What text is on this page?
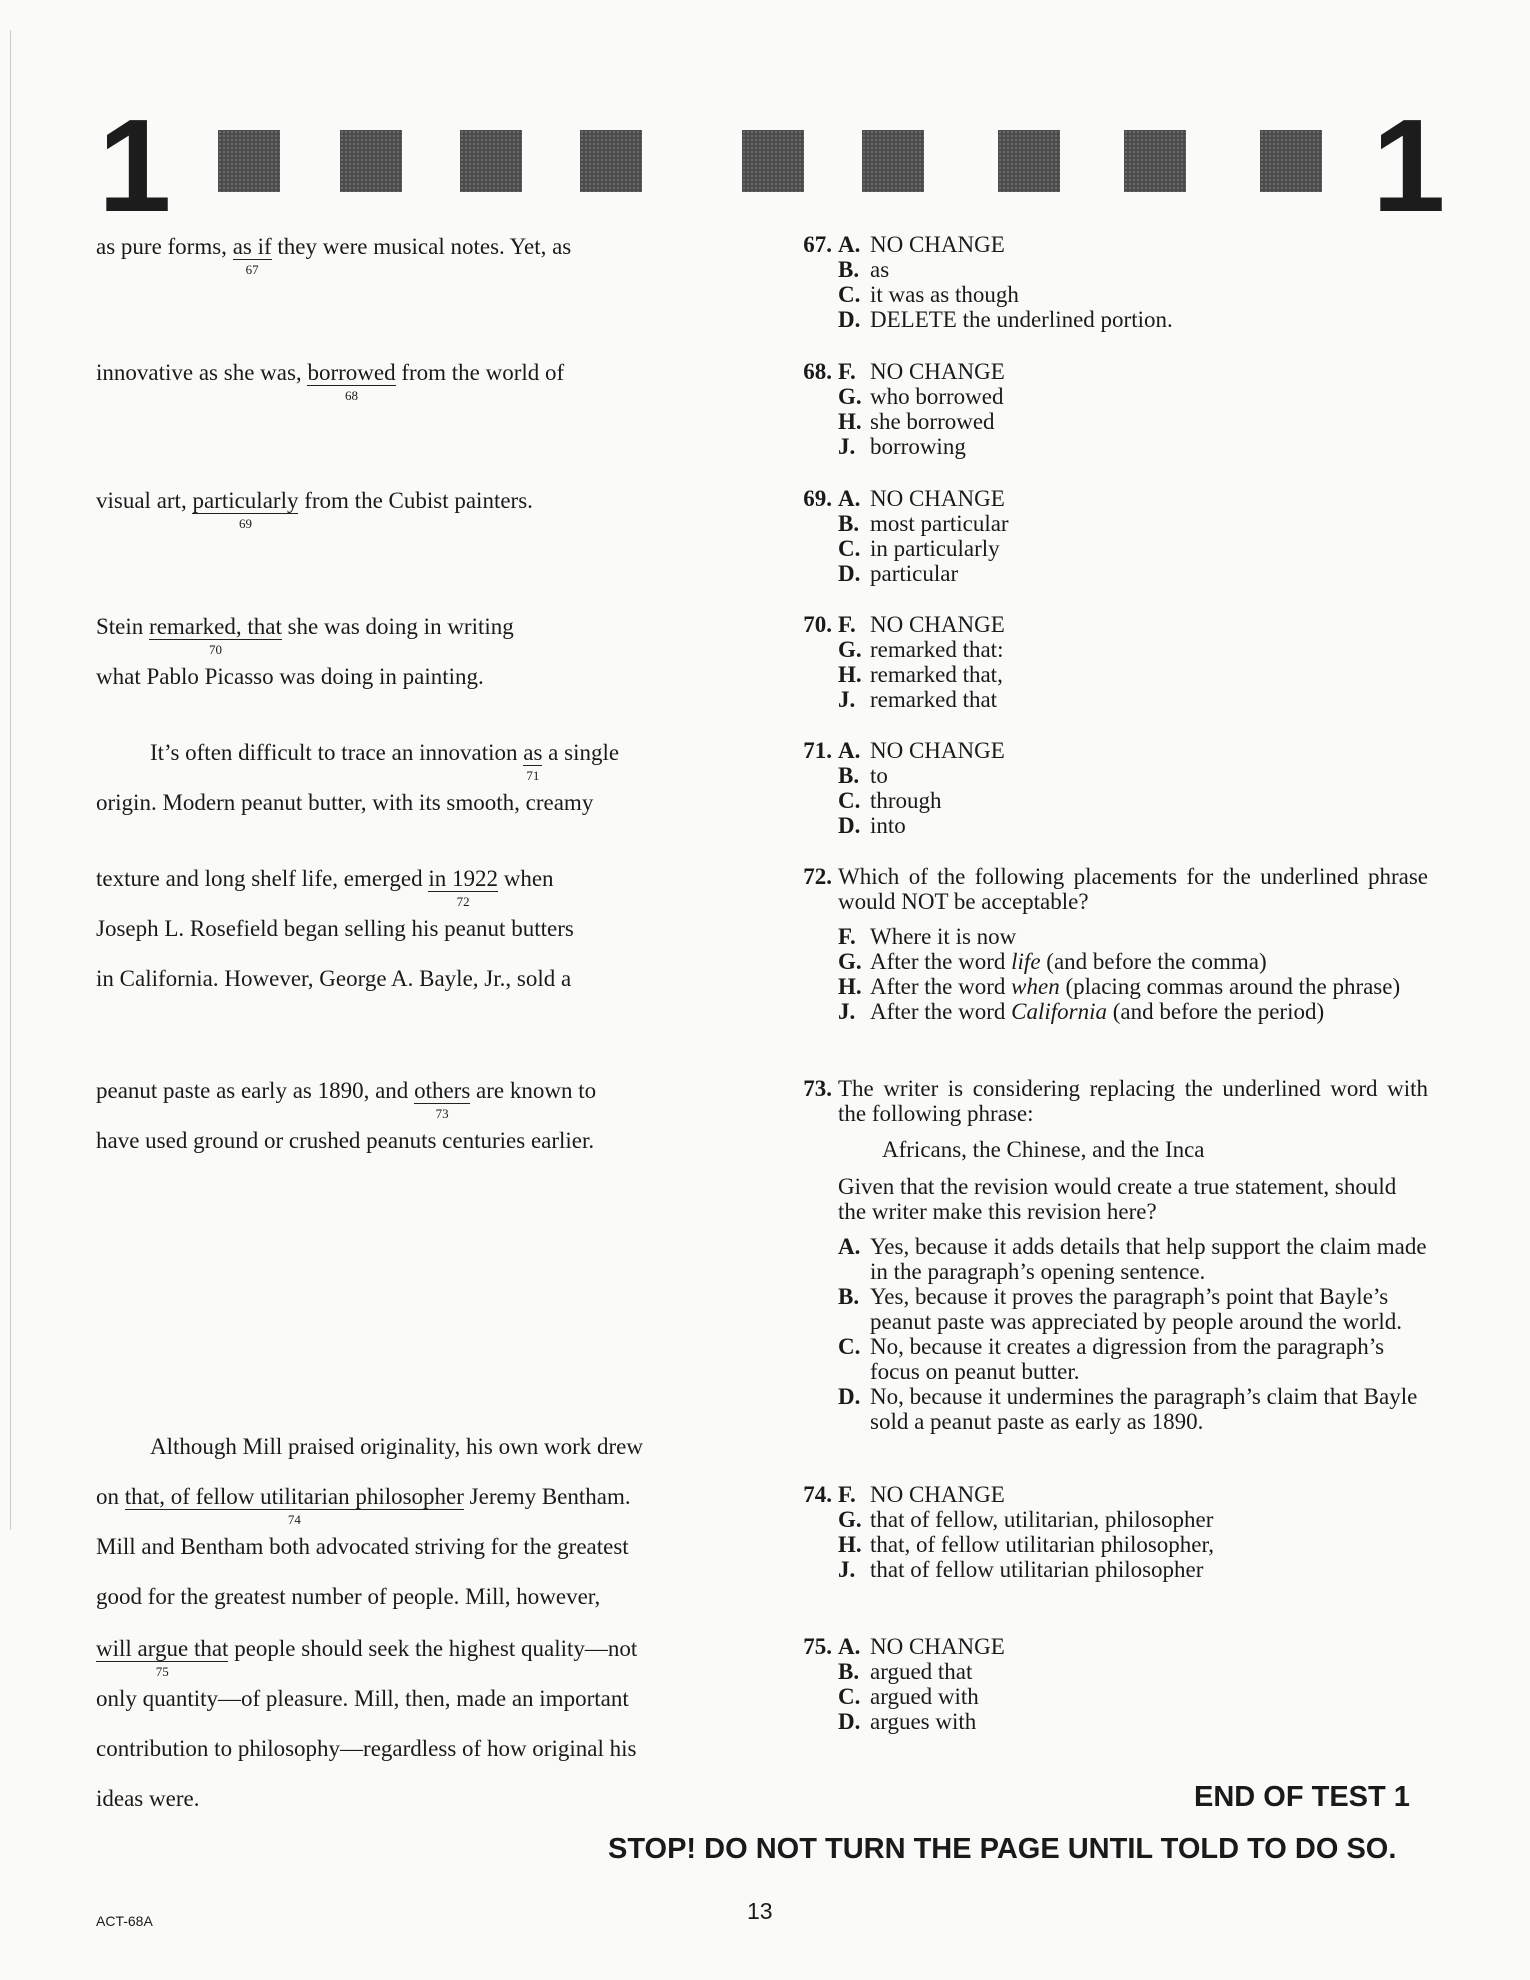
1	1
as pure forms, as if
67
they were musical notes. Yet, as
innovative as she was, borrowed
68
from the world of
visual art, particularly
69
from the Cubist painters.
Stein remarked, that
70
she was doing in writing
what Pablo Picasso was doing in painting.
It’s often difficult to trace an innovation as
71
a single
origin. Modern peanut butter, with its smooth, creamy
texture and long shelf life, emerged in 1922
72
when
Joseph L. Rosefield began selling his peanut butters
in California. However, George A. Bayle, Jr., sold a
peanut paste as early as 1890, and others
73
are known to
have used ground or crushed peanuts centuries earlier.
Although Mill praised originality, his own work drew
on that, of fellow utilitarian philosopher
74
Jeremy Bentham.
Mill and Bentham both advocated striving for the greatest
good for the greatest number of people. Mill, however,
will argue that
75
people should seek the highest quality—not
only quantity—of pleasure. Mill, then, made an important
contribution to philosophy—regardless of how original his
ideas were.
67. A. NO CHANGE
B. as
C. it was as though
D. DELETE the underlined portion.
68. F. NO CHANGE
G. who borrowed
H. she borrowed
J. borrowing
69. A. NO CHANGE
B. most particular
C. in particularly
D. particular
70. F. NO CHANGE
G. remarked that:
H. remarked that,
J. remarked that
71. A. NO CHANGE
B. to
C. through
D. into
72. Which of the following placements for the underlined phrase would NOT be acceptable?
F. Where it is now
G. After the word life (and before the comma)
H. After the word when (placing commas around the phrase)
J. After the word California (and before the period)
73. The writer is considering replacing the underlined word with the following phrase:
Africans, the Chinese, and the Inca
Given that the revision would create a true statement, should the writer make this revision here?
A. Yes, because it adds details that help support the claim made in the paragraph’s opening sentence.
B. Yes, because it proves the paragraph’s point that Bayle’s peanut paste was appreciated by people around the world.
C. No, because it creates a digression from the paragraph’s focus on peanut butter.
D. No, because it undermines the paragraph’s claim that Bayle sold a peanut paste as early as 1890.
74. F. NO CHANGE
G. that of fellow, utilitarian, philosopher
H. that, of fellow utilitarian philosopher,
J. that of fellow utilitarian philosopher
75. A. NO CHANGE
B. argued that
C. argued with
D. argues with
END OF TEST 1
STOP! DO NOT TURN THE PAGE UNTIL TOLD TO DO SO.
ACT-68A	13
